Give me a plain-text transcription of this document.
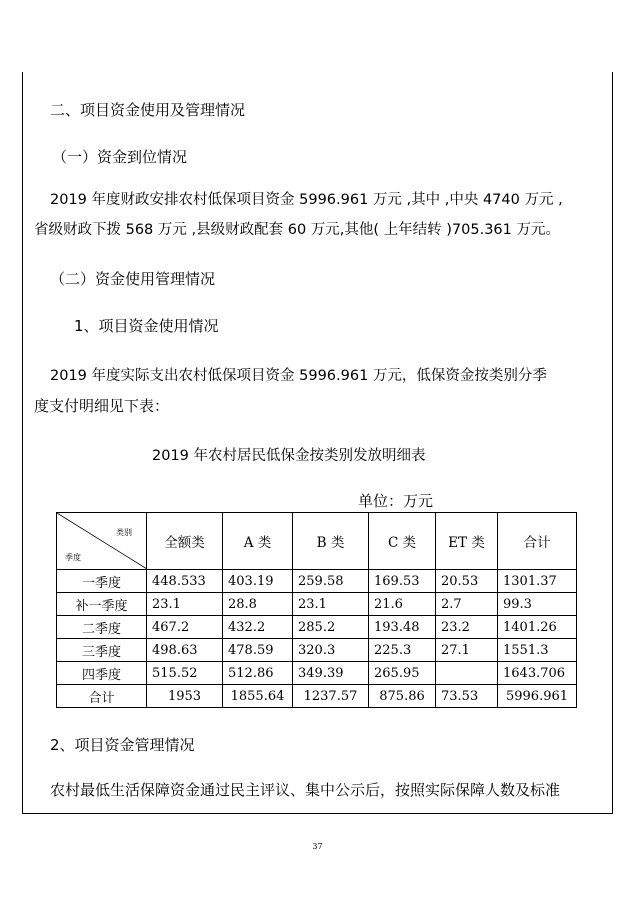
二、项目资金使用及管理情况
（一）资金到位情况
2019 年度财政安排农村低保项目资金 5996.961 万元 ,其中 ,中央 4740 万元 ,
省级财政下拨 568 万元 ,县级财政配套 60 万元,其他( 上年结转 )705.361 万元。
（二）资金使用管理情况
1、项目资金使用情况
2019 年度实际支出农村低保项目资金 5996.961 万元，低保资金按类别分季
度支付明细见下表：
2019 年农村居民低保金按类别发放明细表
单位：万元
类别
季度	全额类	A 类	B 类	C 类	ET 类	合计
一季度	448.533	403.19	259.58	169.53	20.53	1301.37
补一季度	23.1	28.8	23.1	21.6	2.7	99.3
二季度	467.2	432.2	285.2	193.48	23.2	1401.26
三季度	498.63	478.59	320.3	225.3	27.1	1551.3
四季度	515.52	512.86	349.39	265.95		1643.706
合计	1953	1855.64	1237.57	875.86	73.53	5996.961
2、项目资金管理情况
农村最低生活保障资金通过民主评议、集中公示后，按照实际保障人数及标准
37
